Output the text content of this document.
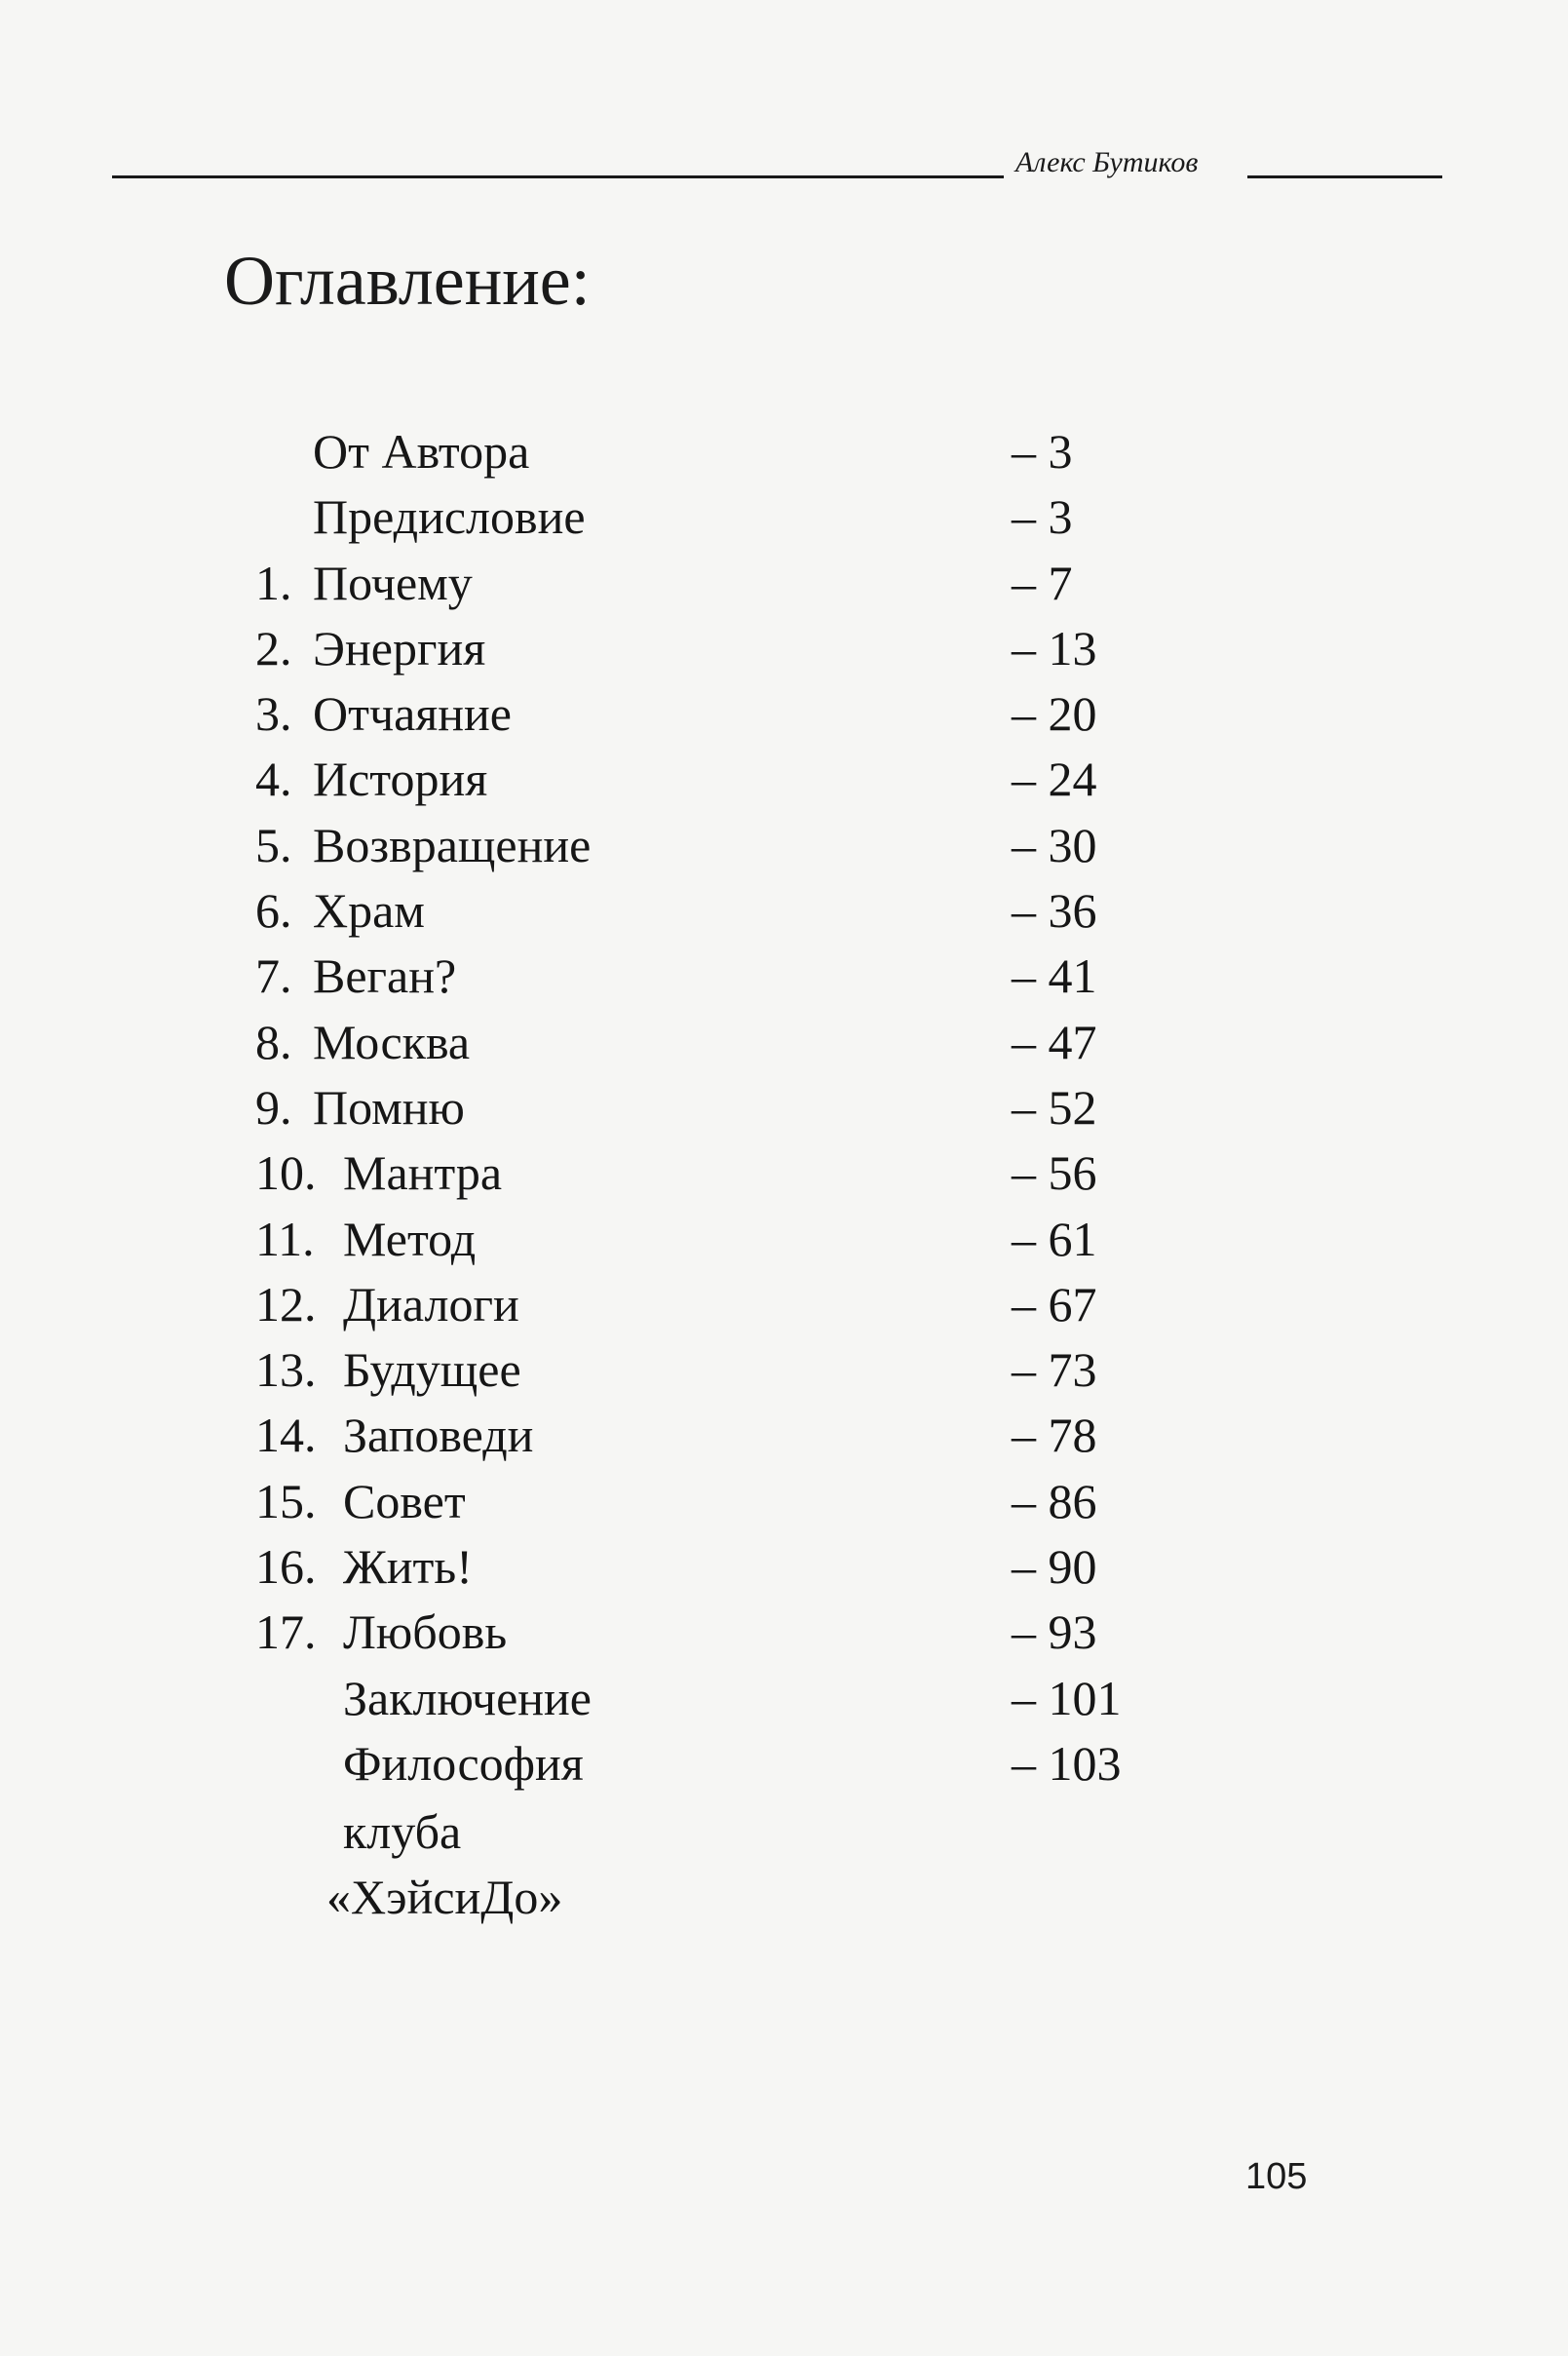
Алекс Бутиков
Оглавление:
От Автора	– 3
Предисловие	– 3
1. Почему	– 7
2. Энергия	– 13
3. Отчаяние	– 20
4. История	– 24
5. Возвращение	– 30
6. Храм	– 36
7. Веган?	– 41
8. Москва	– 47
9. Помню	– 52
10. Мантра	– 56
11. Метод	– 61
12. Диалоги	– 67
13. Будущее	– 73
14. Заповеди	– 78
15. Совет	– 86
16. Жить!	– 90
17. Любовь	– 93
Заключение	– 101
Философия	– 103
клуба
«ХэйсиДо»
105
